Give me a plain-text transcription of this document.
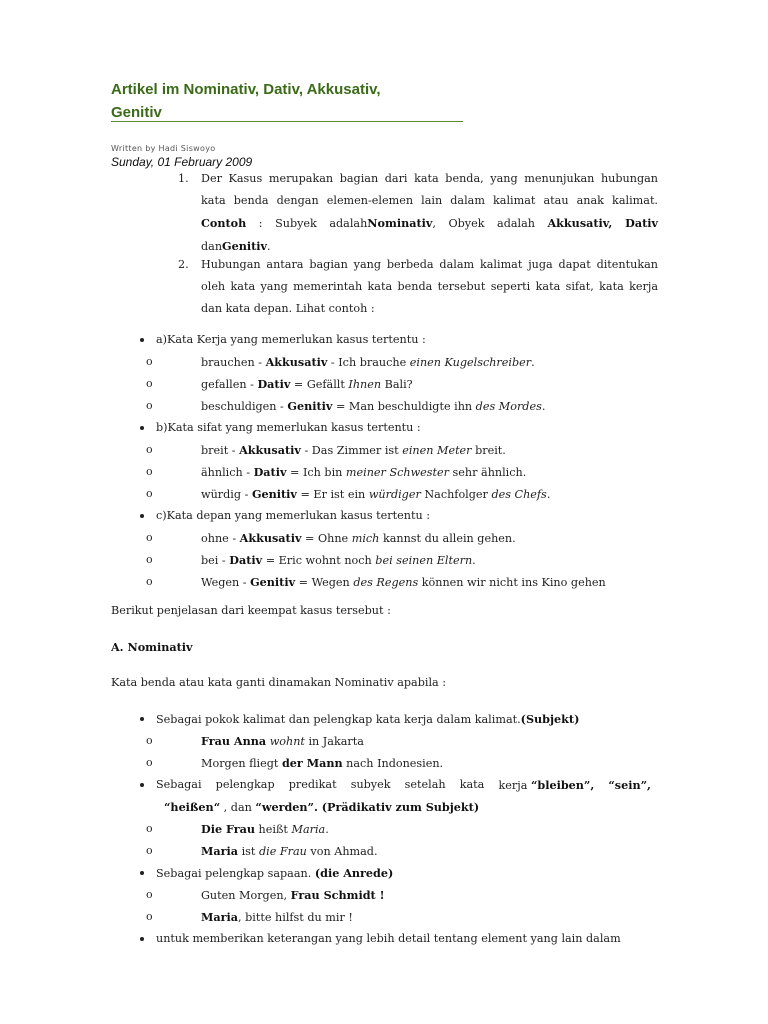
Artikel im Nominativ, Dativ, Akkusativ,
Genitiv
Written by Hadi Siswoyo
Sunday, 01 February 2009
1. Der Kasus merupakan bagian dari kata benda, yang menunjukan hubungan kata benda dengan elemen-elemen lain dalam kalimat atau anak kalimat. Contoh : Subyek adalahNominativ, Obyek adalah Akkusativ, Dativ danGenitiv.
2. Hubungan antara bagian yang berbeda dalam kalimat juga dapat ditentukan oleh kata yang memerintah kata benda tersebut seperti kata sifat, kata kerja dan kata depan. Lihat contoh :
a)Kata Kerja yang memerlukan kasus tertentu :
o	brauchen - Akkusativ - Ich brauche einen Kugelschreiber.
o	gefallen - Dativ = Gefällt Ihnen Bali?
o	beschuldigen - Genitiv = Man beschuldigte ihn des Mordes.
b)Kata sifat yang memerlukan kasus tertentu :
o	breit - Akkusativ - Das Zimmer ist einen Meter breit.
o	ähnlich - Dativ = Ich bin meiner Schwester sehr ähnlich.
o	würdig - Genitiv = Er ist ein würdiger Nachfolger des Chefs.
c)Kata depan yang memerlukan kasus tertentu :
o	ohne - Akkusativ = Ohne mich kannst du allein gehen.
o	bei - Dativ = Eric wohnt noch bei seinen Eltern.
o	Wegen - Genitiv = Wegen des Regens können wir nicht ins Kino gehen
Berikut penjelasan dari keempat kasus tersebut :
A. Nominativ
Kata benda atau kata ganti dinamakan Nominativ apabila :
Sebagai pokok kalimat dan pelengkap kata kerja dalam kalimat.(Subjekt)
o	Frau Anna wohnt in Jakarta
o	Morgen fliegt der Mann nach Indonesien.
Sebagai pelengkap predikat subyek setelah kata kerja “bleiben”, “sein”,
“heißen“ , dan “werden”. (Prädikativ zum Subjekt)
o	Die Frau heißt Maria.
o	Maria ist die Frau von Ahmad.
Sebagai pelengkap sapaan. (die Anrede)
o	Guten Morgen, Frau Schmidt !
o	Maria, bitte hilfst du mir !
untuk memberikan keterangan yang lebih detail tentang element yang lain dalam
